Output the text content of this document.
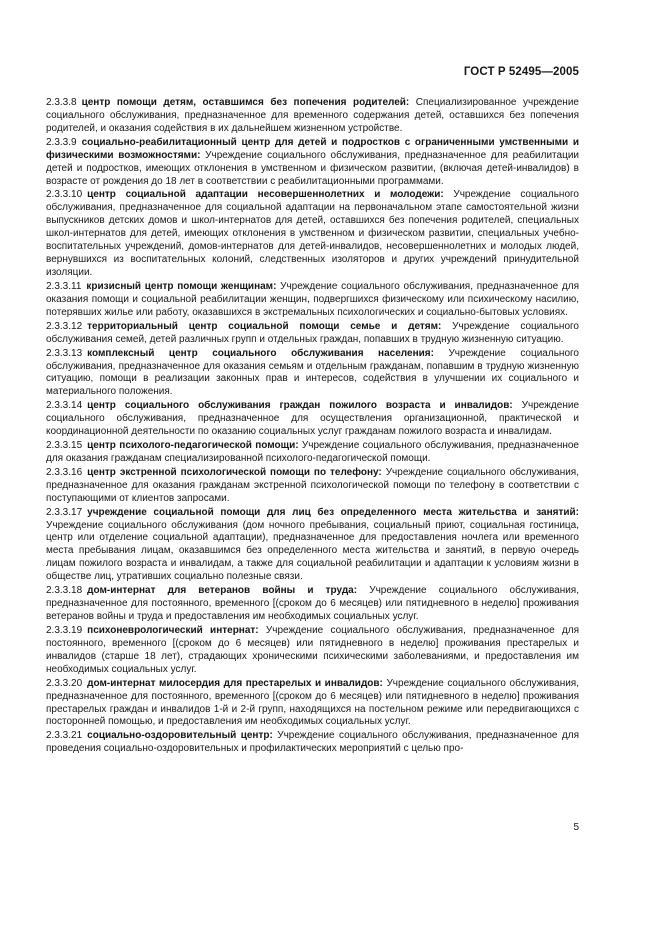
ГОСТ Р 52495—2005

2.3.3.8  центр помощи детям, оставшимся без попечения родителей: Специализированное учреждение социального обслуживания, предназначенное для временного содержания детей, оставшихся без попечения родителей, и оказания содействия в их дальнейшем жизненном устройстве.

2.3.3.9  социально-реабилитационный центр для детей и подростков с ограниченными умственными и физическими возможностями: Учреждение социального обслуживания, предназначенное для реабилитации детей и подростков, имеющих отклонения в умственном и физическом развитии, (включая детей-инвалидов) в возрасте от рождения до 18 лет в соответствии с реабилитационными программами.

2.3.3.10  центр социальной адаптации несовершеннолетних и молодежи: Учреждение социального обслуживания, предназначенное для социальной адаптации на первоначальном этапе самостоятельной жизни выпускников детских домов и школ-интернатов для детей, оставшихся без попечения родителей, специальных школ-интернатов для детей, имеющих отклонения в умственном и физическом развитии, специальных учебно-воспитательных учреждений, домов-интернатов для детей-инвалидов, несовершеннолетних и молодых людей, вернувшихся из воспитательных колоний, следственных изоляторов и других учреждений принудительной изоляции.

2.3.3.11  кризисный центр помощи женщинам: Учреждение социального обслуживания, предназначенное для оказания помощи и социальной реабилитации женщин, подвергшихся физическому или психическому насилию, потерявших жилье или работу, оказавшихся в экстремальных психологических и социально-бытовых условиях.

2.3.3.12  территориальный центр социальной помощи семье и детям: Учреждение социального обслуживания семей, детей различных групп и отдельных граждан, попавших в трудную жизненную ситуацию.

2.3.3.13  комплексный центр социального обслуживания населения: Учреждение социального обслуживания, предназначенное для оказания семьям и отдельным гражданам, попавшим в трудную жизненную ситуацию, помощи в реализации законных прав и интересов, содействия в улучшении их социального и материального положения.

2.3.3.14  центр социального обслуживания граждан пожилого возраста и инвалидов: Учреждение социального обслуживания, предназначенное для осуществления организационной, практической и координационной деятельности по оказанию социальных услуг гражданам пожилого возраста и инвалидам.

2.3.3.15  центр психолого-педагогической помощи: Учреждение социального обслуживания, предназначенное для оказания гражданам специализированной психолого-педагогической помощи.

2.3.3.16  центр экстренной психологической помощи по телефону: Учреждение социального обслуживания, предназначенное для оказания гражданам экстренной психологической помощи по телефону в соответствии с поступающими от клиентов запросами.

2.3.3.17  учреждение социальной помощи для лиц без определенного места жительства и занятий: Учреждение социального обслуживания (дом ночного пребывания, социальный приют, социальная гостиница, центр или отделение социальной адаптации), предназначенное для предоставления ночлега или временного места пребывания лицам, оказавшимся без определенного места жительства и занятий, в первую очередь лицам пожилого возраста и инвалидам, а также для социальной реабилитации и адаптации к условиям жизни в обществе лиц, утративших социально полезные связи.

2.3.3.18  дом-интернат для ветеранов войны и труда: Учреждение социального обслуживания, предназначенное для постоянного, временного [(сроком до 6 месяцев) или пятидневного в неделю] проживания ветеранов войны и труда и предоставления им необходимых социальных услуг.

2.3.3.19  психоневрологический интернат: Учреждение социального обслуживания, предназначенное для постоянного, временного [(сроком до 6 месяцев) или пятидневного в неделю] проживания престарелых и инвалидов (старше 18 лет), страдающих хроническими психическими заболеваниями, и предоставления им необходимых социальных услуг.

2.3.3.20  дом-интернат милосердия для престарелых и инвалидов: Учреждение социального обслуживания, предназначенное для постоянного, временного [(сроком до 6 месяцев) или пятидневного в неделю] проживания престарелых граждан и инвалидов 1-й и 2-й групп, находящихся на постельном режиме или передвигающихся с посторонней помощью, и предоставления им необходимых социальных услуг.

2.3.3.21  социально-оздоровительный центр: Учреждение социального обслуживания, предназначенное для проведения социально-оздоровительных и профилактических мероприятий с целью про-

5
